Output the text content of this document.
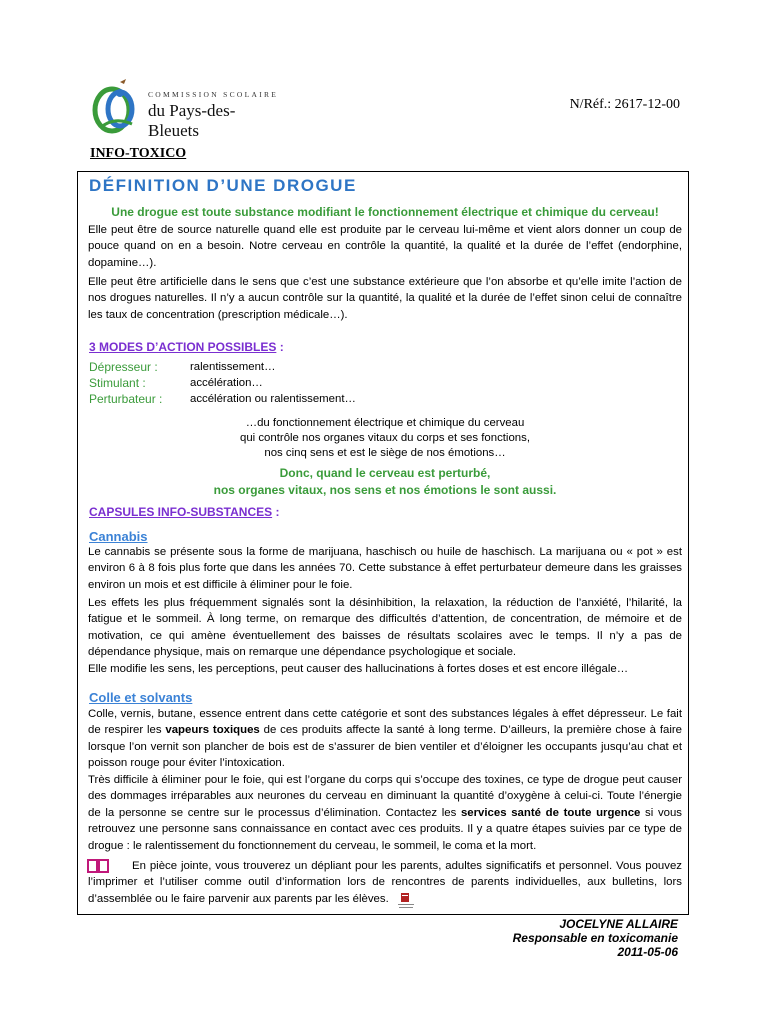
COMMISSION SCOLAIRE
du Pays-des-Bleuets
N/Réf.: 2617-12-00
INFO-TOXICO
DÉFINITION D’UNE DROGUE
Une drogue est toute substance modifiant le fonctionnement électrique et chimique du cerveau!
Elle peut être de source naturelle quand elle est produite par le cerveau lui-même et vient alors donner un coup de pouce quand on en a besoin. Notre cerveau en contrôle la quantité, la qualité et la durée de l’effet (endorphine, dopamine…).
Elle peut être artificielle dans le sens que c’est une substance extérieure que l’on absorbe et qu’elle imite l’action de nos drogues naturelles. Il n’y a aucun contrôle sur la quantité, la qualité et la durée de l’effet sinon celui de connaître les taux de concentration (prescription médicale…).
3 MODES D’ACTION POSSIBLES :
Dépresseur :	ralentissement…
Stimulant :	accélération…
Perturbateur : accélération ou ralentissement…
…du fonctionnement électrique et chimique du cerveau
qui contrôle nos organes vitaux du corps et ses fonctions,
nos cinq sens et est le siège de nos émotions…
Donc, quand le cerveau est perturbé,
nos organes vitaux, nos sens et nos émotions le sont aussi.
CAPSULES INFO-SUBSTANCES :
Cannabis
Le cannabis se présente sous la forme de marijuana, haschisch ou huile de haschisch. La marijuana ou « pot » est environ 6 à 8 fois plus forte que dans les années 70. Cette substance à effet perturbateur demeure dans les graisses environ un mois et est difficile à éliminer pour le foie.
Les effets les plus fréquemment signalés sont la désinhibition, la relaxation, la réduction de l’anxiété, l’hilarité, la fatigue et le sommeil. À long terme, on remarque des difficultés d’attention, de concentration, de mémoire et de motivation, ce qui amène éventuellement des baisses de résultats scolaires avec le temps. Il n’y a pas de dépendance physique, mais on remarque une dépendance psychologique et sociale.
Elle modifie les sens, les perceptions, peut causer des hallucinations à fortes doses et est encore illégale…
Colle et solvants
Colle, vernis, butane, essence entrent dans cette catégorie et sont des substances légales à effet dépresseur. Le fait de respirer les vapeurs toxiques de ces produits affecte la santé à long terme. D’ailleurs, la première chose à faire lorsque l’on vernit son plancher de bois est de s’assurer de bien ventiler et d’éloigner les occupants jusqu’au chat et poisson rouge pour éviter l’intoxication.
Très difficile à éliminer pour le foie, qui est l’organe du corps qui s’occupe des toxines, ce type de drogue peut causer des dommages irréparables aux neurones du cerveau en diminuant la quantité d’oxygène à celui-ci. Toute l’énergie de la personne se centre sur le processus d’élimination. Contactez les services santé de toute urgence si vous retrouvez une personne sans connaissance en contact avec ces produits. Il y a quatre étapes suivies par ce type de drogue : le ralentissement du fonctionnement du cerveau, le sommeil, le coma et la mort.
En pièce jointe, vous trouverez un dépliant pour les parents, adultes significatifs et personnel. Vous pouvez l’imprimer et l’utiliser comme outil d’information lors de rencontres de parents individuelles, aux bulletins, lors d’assemblée ou le faire parvenir aux parents par les élèves.
JOCELYNE ALLAIRE
Responsable en toxicomanie
2011-05-06
